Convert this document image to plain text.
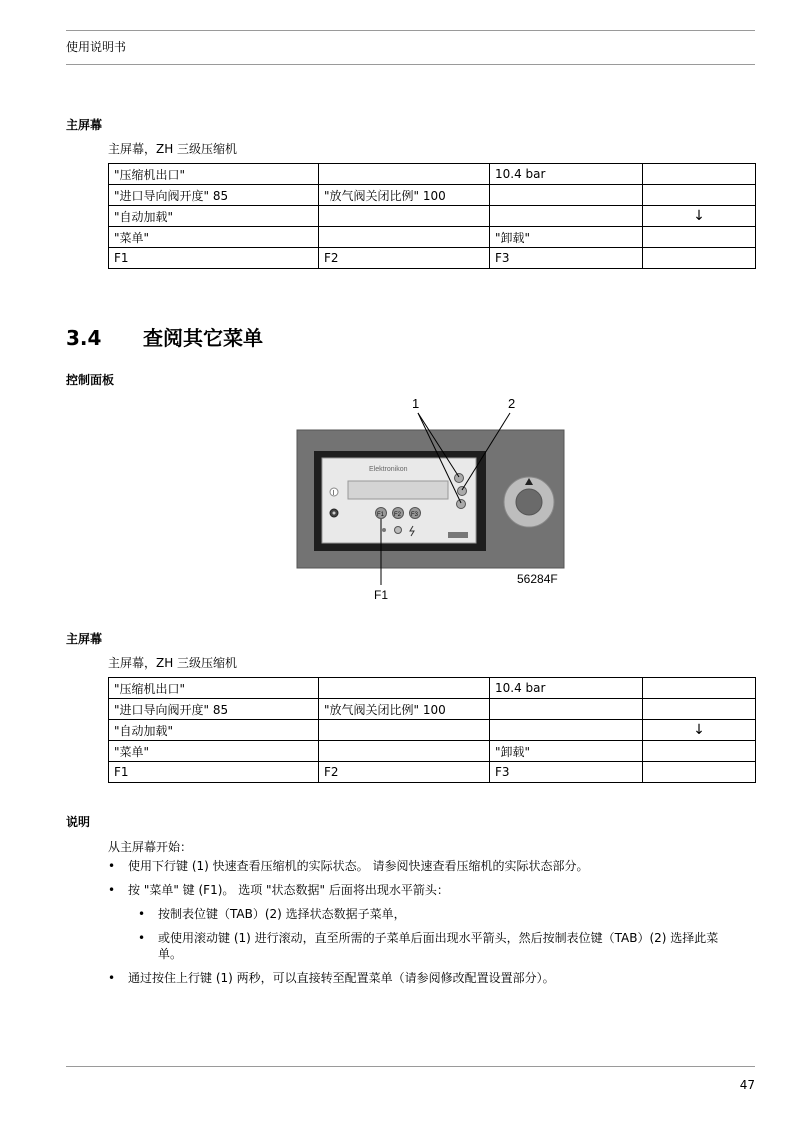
使用说明书
主屏幕
主屏幕，ZH 三级压缩机
"压缩机出口"		10.4 bar	
"进口导向阀开度" 85	"放气阀关闭比例" 100		
"自动加载"			↓
"菜单"		"卸载"	
F1	F2	F3	
3.4 查阅其它菜单
控制面板
1	2
Elektronikon
I
F1 F2 F3
F1
56284F
主屏幕
主屏幕，ZH 三级压缩机
"压缩机出口"		10.4 bar	
"进口导向阀开度" 85	"放气阀关闭比例" 100		
"自动加载"			↓
"菜单"		"卸载"	
F1	F2	F3	
说明
从主屏幕开始：
• 使用下行键 (1) 快速查看压缩机的实际状态。 请参阅快速查看压缩机的实际状态部分。
• 按 "菜单" 键 (F1)。 选项 "状态数据" 后面将出现水平箭头：
• 按制表位键（TAB）(2) 选择状态数据子菜单，
• 或使用滚动键 (1) 进行滚动，直至所需的子菜单后面出现水平箭头，然后按制表位键（TAB）(2) 选择此菜单。
• 通过按住上行键 (1) 两秒，可以直接转至配置菜单（请参阅修改配置设置部分）。
47
